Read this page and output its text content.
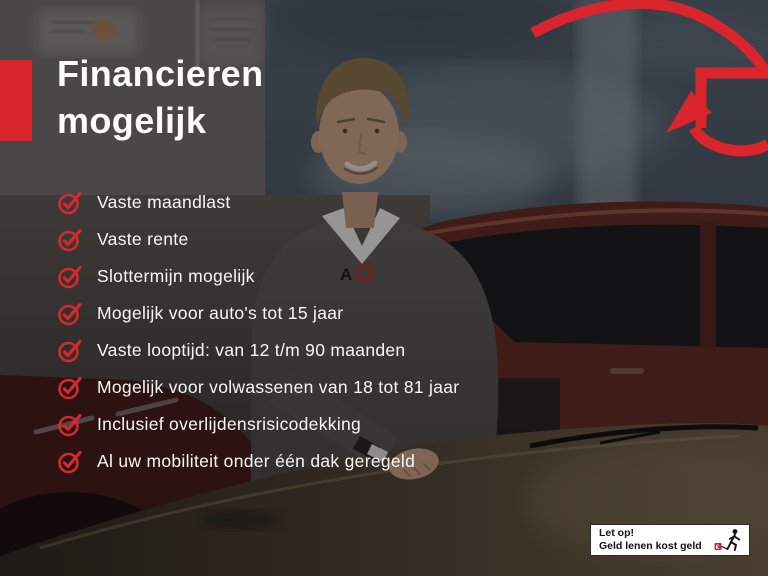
Financieren
mogelijk
Vaste maandlast
Vaste rente
Slottermijn mogelijk
Mogelijk voor auto's tot 15 jaar
Vaste looptijd: van 12 t/m 90 maanden
Mogelijk voor volwassenen van 18 tot 81 jaar
Inclusief overlijdensrisicodekking
Al uw mobiliteit onder één dak geregeld
Let op!
Geld lenen kost geld	€
